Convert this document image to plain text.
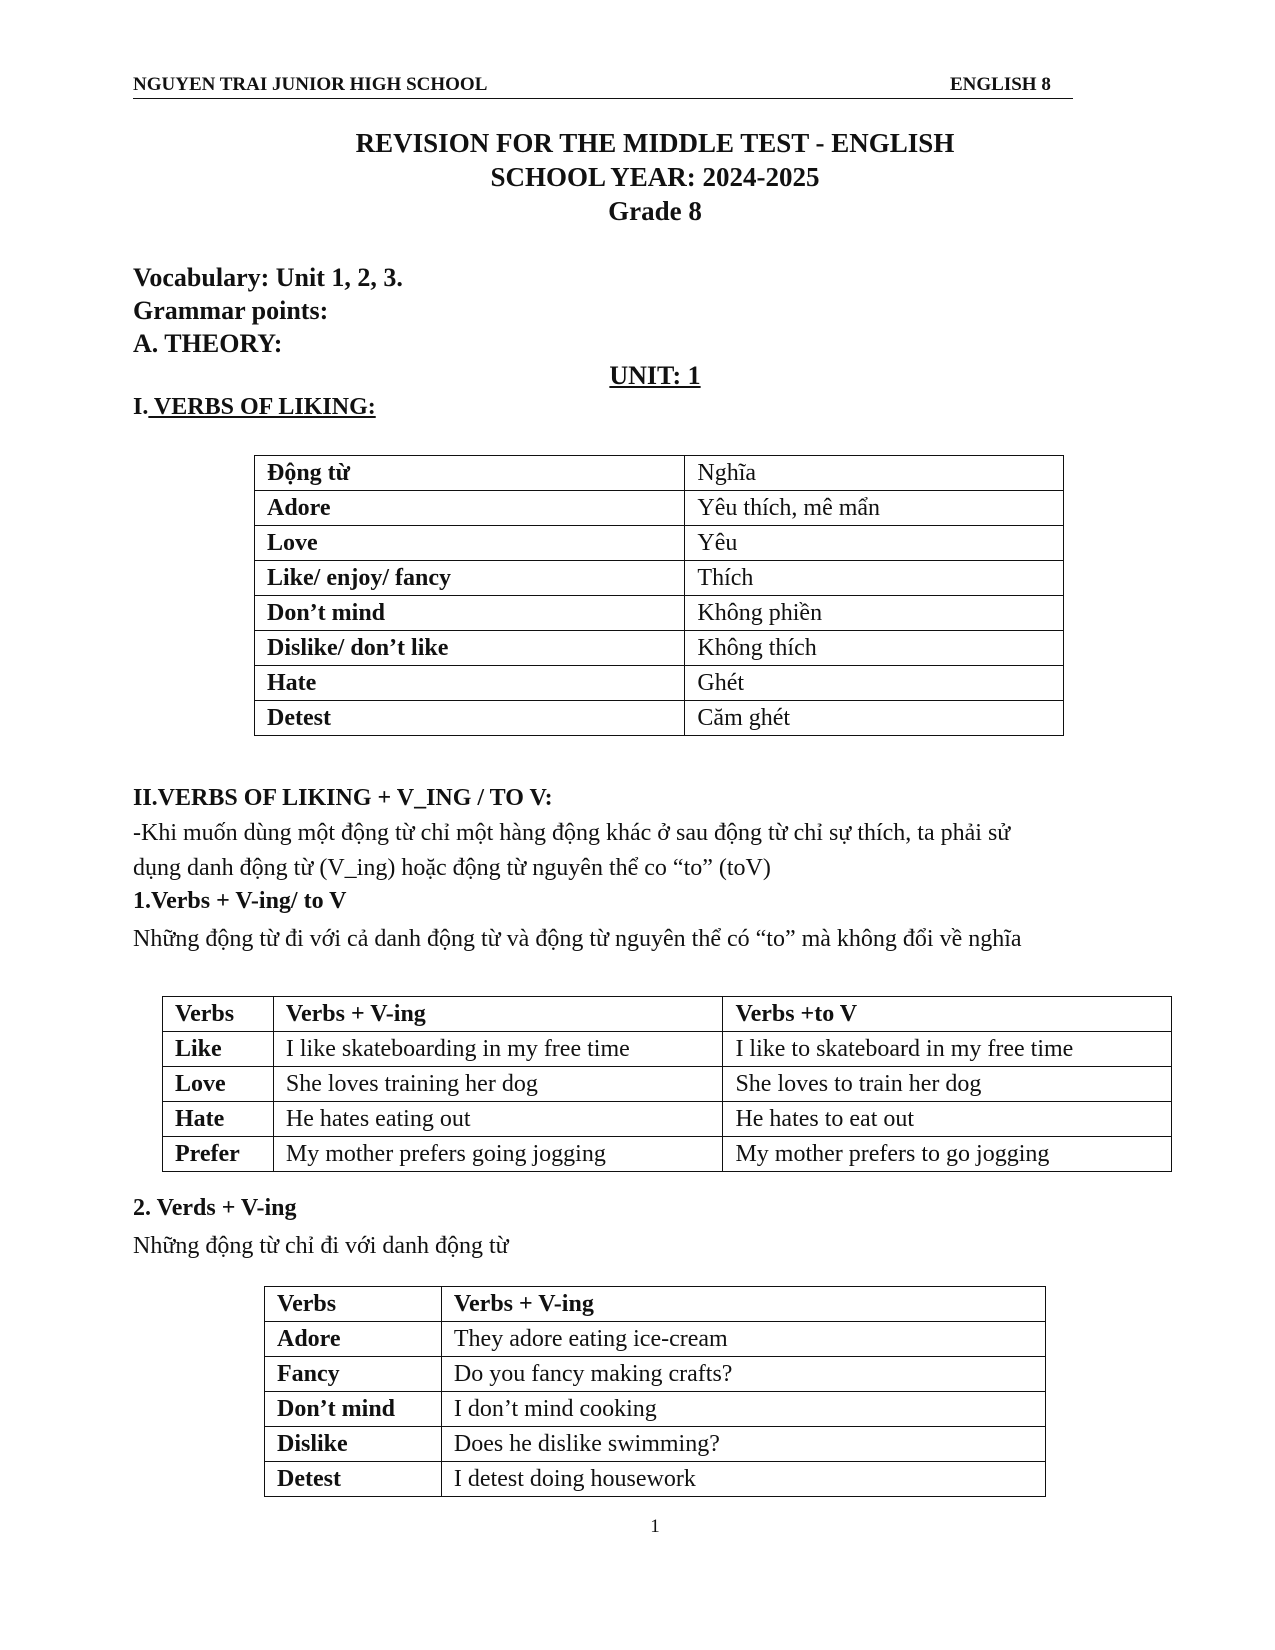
NGUYEN TRAI JUNIOR HIGH SCHOOL	ENGLISH 8
REVISION FOR THE MIDDLE TEST - ENGLISH
SCHOOL YEAR: 2024-2025
Grade 8
Vocabulary: Unit 1, 2, 3.
Grammar points:
A. THEORY:
UNIT: 1
I. VERBS OF LIKING:
Động từ	Nghĩa
Adore	Yêu thích, mê mẩn
Love	Yêu
Like/ enjoy/ fancy	Thích
Don’t mind	Không phiền
Dislike/ don’t like	Không thích
Hate	Ghét
Detest	Căm ghét
II.VERBS OF LIKING + V_ING / TO V:
-Khi muốn dùng một động từ chỉ một hàng động khác ở sau động từ chỉ sự thích, ta phải sử
dụng danh động từ (V_ing) hoặc động từ nguyên thể co “to” (toV)
1.Verbs + V-ing/ to V
Những động từ đi với cả danh động từ và động từ nguyên thể có “to” mà không đổi về nghĩa
Verbs	Verbs + V-ing	Verbs +to V
Like	I like skateboarding in my free time	I like to skateboard in my free time
Love	She loves training her dog	She loves to train her dog
Hate	He hates eating out	He hates to eat out
Prefer	My mother prefers going jogging	My mother prefers to go jogging
2. Verds + V-ing
Những động từ chỉ đi với danh động từ
Verbs	Verbs + V-ing
Adore	They adore eating ice-cream
Fancy	Do you fancy making crafts?
Don’t mind	I don’t mind cooking
Dislike	Does he dislike swimming?
Detest	I detest doing housework
1
